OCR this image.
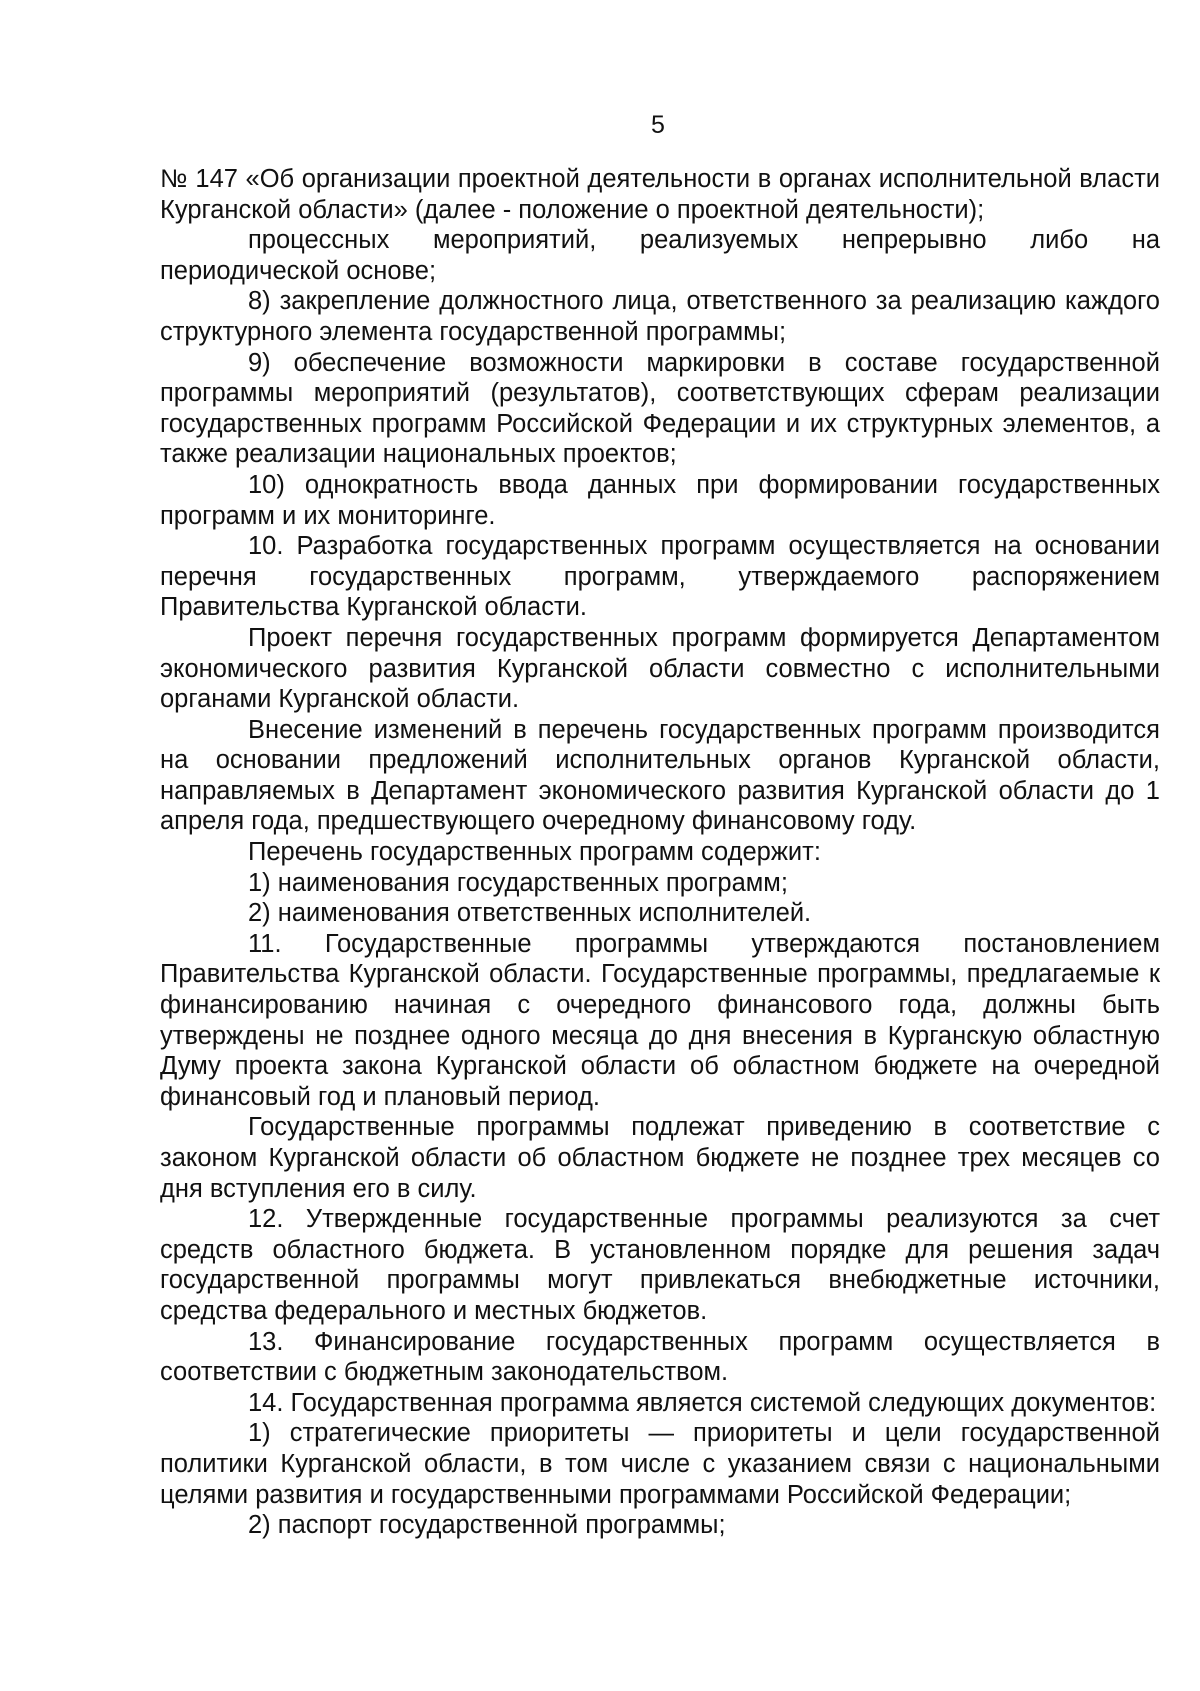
5

№ 147 «Об организации проектной деятельности в органах исполнительной власти Курганской области» (далее - положение о проектной деятельности);

процессных мероприятий, реализуемых непрерывно либо на периодической основе;

8) закрепление должностного лица, ответственного за реализацию каждого структурного элемента государственной программы;

9) обеспечение возможности маркировки в составе государственной программы мероприятий (результатов), соответствующих сферам реализации государственных программ Российской Федерации и их структурных элементов, а также реализации национальных проектов;

10) однократность ввода данных при формировании государственных программ и их мониторинге.

10. Разработка государственных программ осуществляется на основании перечня государственных программ, утверждаемого распоряжением Правительства Курганской области.

Проект перечня государственных программ формируется Департаментом экономического развития Курганской области совместно с исполнительными органами Курганской области.

Внесение изменений в перечень государственных программ производится на основании предложений исполнительных органов Курганской области, направляемых в Департамент экономического развития Курганской области до 1 апреля года, предшествующего очередному финансовому году.

Перечень государственных программ содержит:

1) наименования государственных программ;

2) наименования ответственных исполнителей.

11. Государственные программы утверждаются постановлением Правительства Курганской области. Государственные программы, предлагаемые к финансированию начиная с очередного финансового года, должны быть утверждены не позднее одного месяца до дня внесения в Курганскую областную Думу проекта закона Курганской области об областном бюджете на очередной финансовый год и плановый период.

Государственные программы подлежат приведению в соответствие с законом Курганской области об областном бюджете не позднее трех месяцев со дня вступления его в силу.

12. Утвержденные государственные программы реализуются за счет средств областного бюджета. В установленном порядке для решения задач государственной программы могут привлекаться внебюджетные источники, средства федерального и местных бюджетов.

13. Финансирование государственных программ осуществляется в соответствии с бюджетным законодательством.

14. Государственная программа является системой следующих документов:

1) стратегические приоритеты — приоритеты и цели государственной политики Курганской области, в том числе с указанием связи с национальными целями развития и государственными программами Российской Федерации;

2) паспорт государственной программы;
